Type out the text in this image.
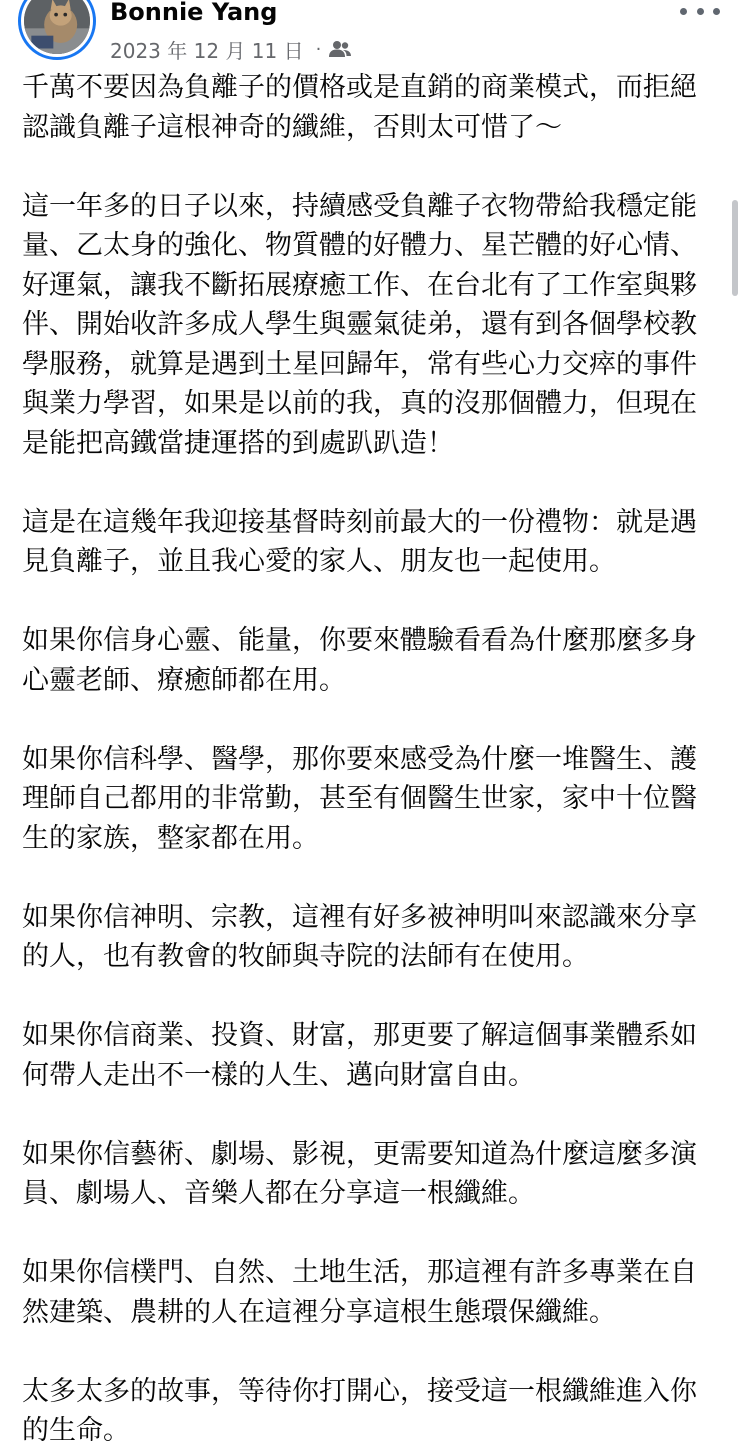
Bonnie Yang
2023 年 12 月 11 日 ·

千萬不要因為負離子的價格或是直銷的商業模式，而拒絕
認識負離子這根神奇的纖維，否則太可惜了～

這一年多的日子以來，持續感受負離子衣物帶給我穩定能
量、乙太身的強化、物質體的好體力、星芒體的好心情、
好運氣，讓我不斷拓展療癒工作、在台北有了工作室與夥
伴、開始收許多成人學生與靈氣徒弟，還有到各個學校教
學服務，就算是遇到土星回歸年，常有些心力交瘁的事件
與業力學習，如果是以前的我，真的沒那個體力，但現在
是能把高鐵當捷運搭的到處趴趴造！

這是在這幾年我迎接基督時刻前最大的一份禮物：就是遇
見負離子，並且我心愛的家人、朋友也一起使用。

如果你信身心靈、能量，你要來體驗看看為什麼那麼多身
心靈老師、療癒師都在用。

如果你信科學、醫學，那你要來感受為什麼一堆醫生、護
理師自己都用的非常勤，甚至有個醫生世家，家中十位醫
生的家族，整家都在用。

如果你信神明、宗教，這裡有好多被神明叫來認識來分享
的人，也有教會的牧師與寺院的法師有在使用。

如果你信商業、投資、財富，那更要了解這個事業體系如
何帶人走出不一樣的人生、邁向財富自由。

如果你信藝術、劇場、影視，更需要知道為什麼這麼多演
員、劇場人、音樂人都在分享這一根纖維。

如果你信樸門、自然、土地生活，那這裡有許多專業在自
然建築、農耕的人在這裡分享這根生態環保纖維。

太多太多的故事，等待你打開心，接受這一根纖維進入你
的生命。
